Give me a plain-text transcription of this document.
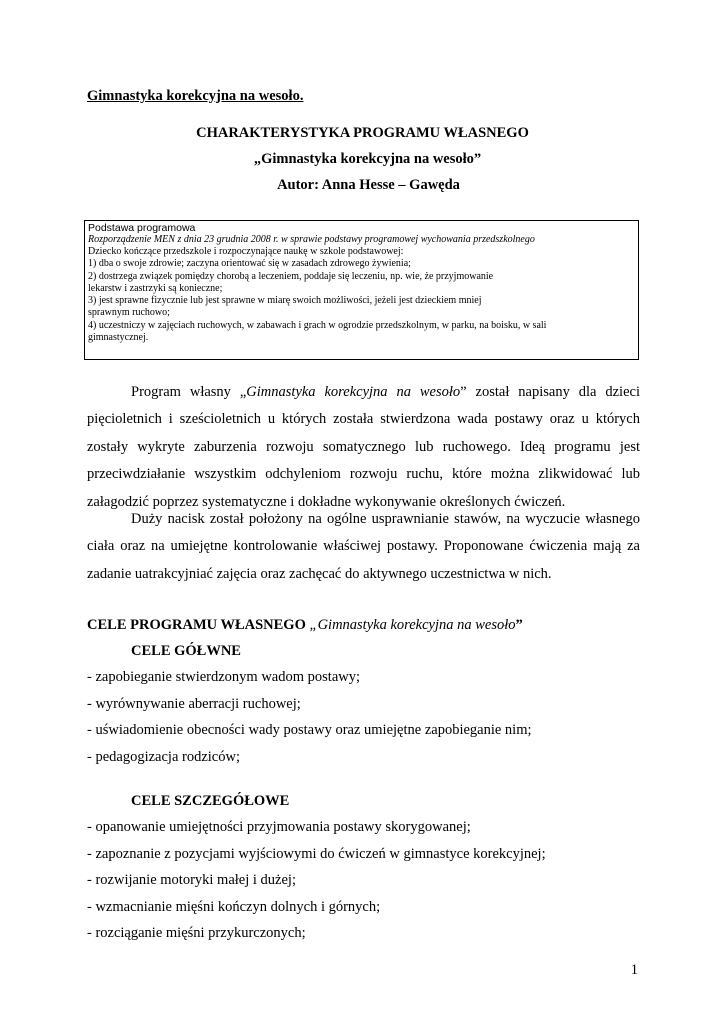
Gimnastyka korekcyjna na wesoło.

CHARAKTERYSTYKA PROGRAMU WŁASNEGO

„Gimnastyka korekcyjna na wesoło”

Autor: Anna Hesse – Gawęda

Podstawa programowa

Rozporządzenie MEN z dnia 23 grudnia 2008 r. w sprawie podstawy programowej wychowania przedszkolnego

Dziecko kończące przedszkole i rozpoczynające naukę w szkole podstawowej:

1) dba o swoje zdrowie; zaczyna orientować się w zasadach zdrowego żywienia;

2) dostrzega związek pomiędzy chorobą a leczeniem, poddaje się leczeniu, np. wie, że przyjmowanie

lekarstw i zastrzyki są konieczne;

3) jest sprawne fizycznie lub jest sprawne w miarę swoich możliwości, jeżeli jest dzieckiem mniej

sprawnym ruchowo;

4) uczestniczy w zajęciach ruchowych, w zabawach i grach w ogrodzie przedszkolnym, w parku, na boisku, w sali

gimnastycznej.

Program własny „Gimnastyka korekcyjna na wesoło” został napisany dla dzieci pięcioletnich i sześcioletnich u których została stwierdzona wada postawy oraz u których zostały wykryte zaburzenia rozwoju somatycznego lub ruchowego. Ideą programu jest przeciwdziałanie wszystkim odchyleniom rozwoju ruchu, które można zlikwidować lub załagodzić poprzez systematyczne i dokładne wykonywanie określonych ćwiczeń.

Duży nacisk został położony na ogólne usprawnianie stawów, na wyczucie własnego ciała oraz na umiejętne kontrolowanie właściwej postawy. Proponowane ćwiczenia mają za zadanie uatrakcyjniać zajęcia oraz zachęcać do aktywnego uczestnictwa w nich.

CELE PROGRAMU WŁASNEGO „Gimnastyka korekcyjna na wesoło”

CELE GÓŁWNE

- zapobieganie stwierdzonym wadom postawy;

- wyrównywanie aberracji ruchowej;

- uświadomienie obecności wady postawy oraz umiejętne zapobieganie nim;

- pedagogizacja rodziców;

CELE SZCZEGÓŁOWE

- opanowanie umiejętności przyjmowania postawy skorygowanej;

- zapoznanie z pozycjami wyjściowymi do ćwiczeń w gimnastyce korekcyjnej;

- rozwijanie motoryki małej i dużej;

- wzmacnianie mięśni kończyn dolnych i górnych;

- rozciąganie mięśni przykurczonych;

1
